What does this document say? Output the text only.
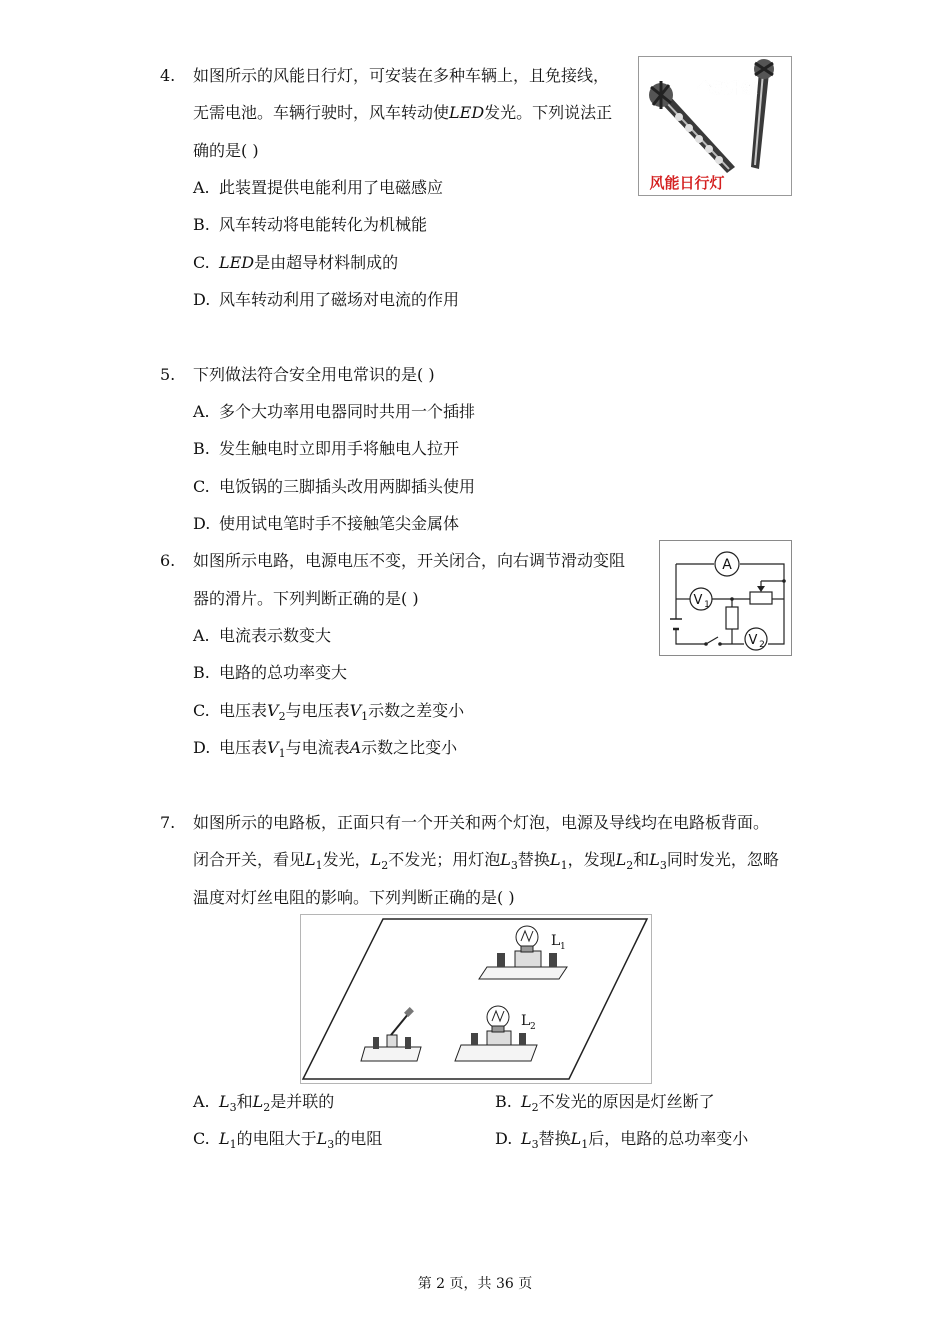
4.	如图所示的风能日行灯，可安装在多种车辆上，且免接线，
无需电池。车辆行驶时，风车转动使LED发光。下列说法正
确的是( )
全新升级
风能日行灯
A. 此装置提供电能利用了电磁感应
B. 风车转动将电能转化为机械能
C. LED是由超导材料制成的
D. 风车转动利用了磁场对电流的作用
5.	下列做法符合安全用电常识的是( )
A. 多个大功率用电器同时共用一个插排
B. 发生触电时立即用手将触电人拉开
C. 电饭锅的三脚插头改用两脚插头使用
D. 使用试电笔时手不接触笔尖金属体
6.	如图所示电路，电源电压不变，开关闭合，向右调节滑动变阻
器的滑片。下列判断正确的是( )
A
V 1
V 2
A. 电流表示数变大
B. 电路的总功率变大
C. 电压表$V_2$与电压表$V_1$示数之差变小
D. 电压表$V_1$与电流表A示数之比变小
7.	如图所示的电路板，正面只有一个开关和两个灯泡，电源及导线均在电路板背面。
闭合开关，看见$L_1$发光，$L_2$不发光；用灯泡$L_3$替换$L_1$，发现$L_2$和$L_3$同时发光，忽略
温度对灯丝电阻的影响。下列判断正确的是( )
L 1
L 2
A. $L_3$和$L_2$是并联的	B. $L_2$不发光的原因是灯丝断了
C. $L_1$的电阻大于$L_3$的电阻	D. $L_3$替换$L_1$后，电路的总功率变小
第 2 页，共 36 页
